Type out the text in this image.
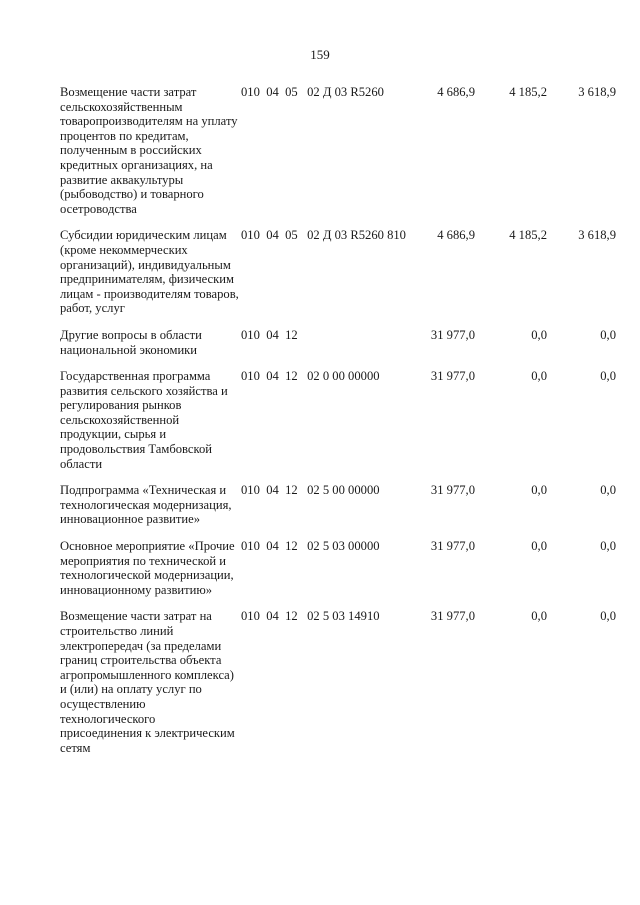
159
Возмещение части затрат сельскохозяйственным товаропроизводителям на уплату процентов по кредитам, полученным в российских кредитных организациях, на развитие аквакультуры (рыбоводство) и товарного осетроводства
010  04  05   02 Д 03 R5260	4 686,9	4 185,2	3 618,9
Субсидии юридическим лицам (кроме некоммерческих организаций), индивидуальным предпринимателям, физическим лицам - производителям товаров, работ, услуг
010  04  05   02 Д 03 R5260 810	4 686,9	4 185,2	3 618,9
Другие вопросы в области национальной экономики
010  04  12	31 977,0	0,0	0,0
Государственная программа развития сельского хозяйства и регулирования рынков сельскохозяйственной продукции, сырья и продовольствия Тамбовской области
010  04  12   02 0 00 00000	31 977,0	0,0	0,0
Подпрограмма «Техническая и технологическая модернизация, инновационное развитие»
010  04  12   02 5 00 00000	31 977,0	0,0	0,0
Основное мероприятие «Прочие мероприятия по технической и технологической модернизации, инновационному развитию»
010  04  12   02 5 03 00000	31 977,0	0,0	0,0
Возмещение части затрат на строительство линий электропередач (за пределами границ строительства объекта агропромышленного комплекса) и (или) на оплату услуг по осуществлению технологического присоединения к электрическим сетям
010  04  12   02 5 03 14910	31 977,0	0,0	0,0
